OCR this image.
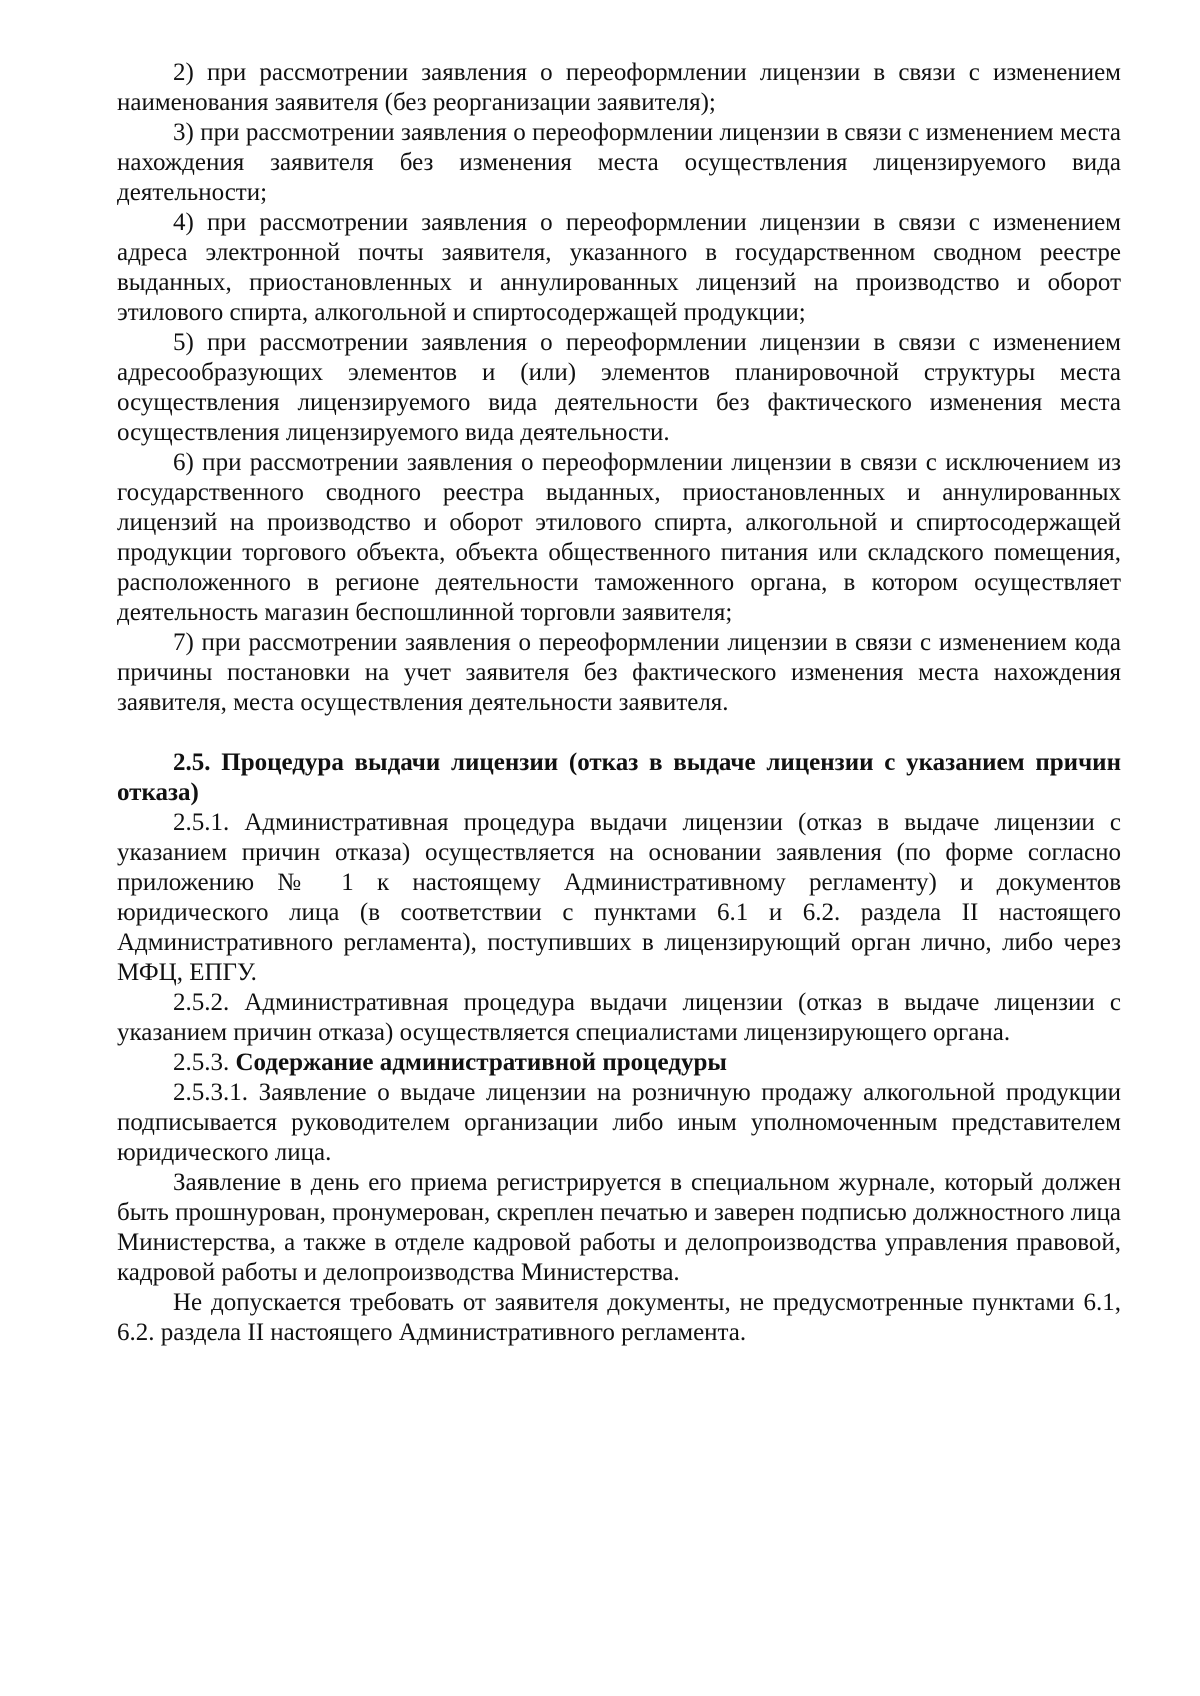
2) при рассмотрении заявления о переоформлении лицензии в связи с изменением наименования заявителя (без реорганизации заявителя);

3) при рассмотрении заявления о переоформлении лицензии в связи с изменением места нахождения заявителя без изменения места осуществления лицензируемого вида деятельности;

4) при рассмотрении заявления о переоформлении лицензии в связи с изменением адреса электронной почты заявителя, указанного в государственном сводном реестре выданных, приостановленных и аннулированных лицензий на производство и оборот этилового спирта, алкогольной и спиртосодержащей продукции;

5) при рассмотрении заявления о переоформлении лицензии в связи с изменением адресообразующих элементов и (или) элементов планировочной структуры места осуществления лицензируемого вида деятельности без фактического изменения места осуществления лицензируемого вида деятельности.

6) при рассмотрении заявления о переоформлении лицензии в связи с исключением из государственного сводного реестра выданных, приостановленных и аннулированных лицензий на производство и оборот этилового спирта, алкогольной и спиртосодержащей продукции торгового объекта, объекта общественного питания или складского помещения, расположенного в регионе деятельности таможенного органа, в котором осуществляет деятельность магазин беспошлинной торговли заявителя;

7) при рассмотрении заявления о переоформлении лицензии в связи с изменением кода причины постановки на учет заявителя без фактического изменения места нахождения заявителя, места осуществления деятельности заявителя.

2.5. Процедура выдачи лицензии (отказ в выдаче лицензии с указанием причин отказа)

2.5.1. Административная процедура выдачи лицензии (отказ в выдаче лицензии с указанием причин отказа) осуществляется на основании заявления (по форме согласно приложению № 1 к настоящему Административному регламенту) и документов юридического лица (в соответствии с пунктами 6.1 и 6.2. раздела II настоящего Административного регламента), поступивших в лицензирующий орган лично, либо через МФЦ, ЕПГУ.

2.5.2. Административная процедура выдачи лицензии (отказ в выдаче лицензии с указанием причин отказа) осуществляется специалистами лицензирующего органа.

2.5.3. Содержание административной процедуры

2.5.3.1. Заявление о выдаче лицензии на розничную продажу алкогольной продукции подписывается руководителем организации либо иным уполномоченным представителем юридического лица.

Заявление в день его приема регистрируется в специальном журнале, который должен быть прошнурован, пронумерован, скреплен печатью и заверен подписью должностного лица Министерства, а также в отделе кадровой работы и делопроизводства управления правовой, кадровой работы и делопроизводства Министерства.

Не допускается требовать от заявителя документы, не предусмотренные пунктами 6.1, 6.2. раздела II настоящего Административного регламента.
